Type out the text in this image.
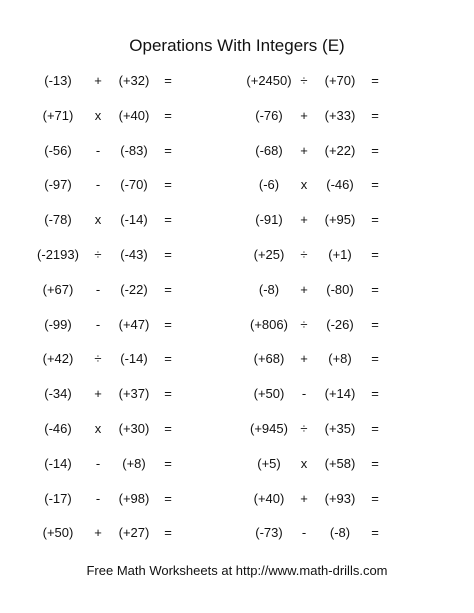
Operations With Integers (E)
(-13)	+	(+32)	=	(+2450) ÷	(+70)	=
(+71)	x	(+40)	=	(-76)	+	(+33)	=
(-56)	-	(-83)	=	(-68)	+	(+22)	=
(-97)	-	(-70)	=	(-6)	x	(-46)	=
(-78)	x	(-14)	=	(-91)	+	(+95)	=
(-2193)	÷	(-43)	=	(+25)	÷	(+1)	=
(+67)	-	(-22)	=	(-8)	+	(-80)	=
(-99)	-	(+47)	=	(+806) ÷	(-26)	=
(+42)	÷	(-14)	=	(+68)	+	(+8)	=
(-34)	+	(+37)	=	(+50)	-	(+14)	=
(-46)	x	(+30)	=	(+945) ÷	(+35)	=
(-14)	-	(+8)	=	(+5)	x	(+58)	=
(-17)	-	(+98)	=	(+40)	+	(+93)	=
(+50)	+	(+27)	=	(-73)	-	(-8)	=
Free Math Worksheets at http://www.math-drills.com
